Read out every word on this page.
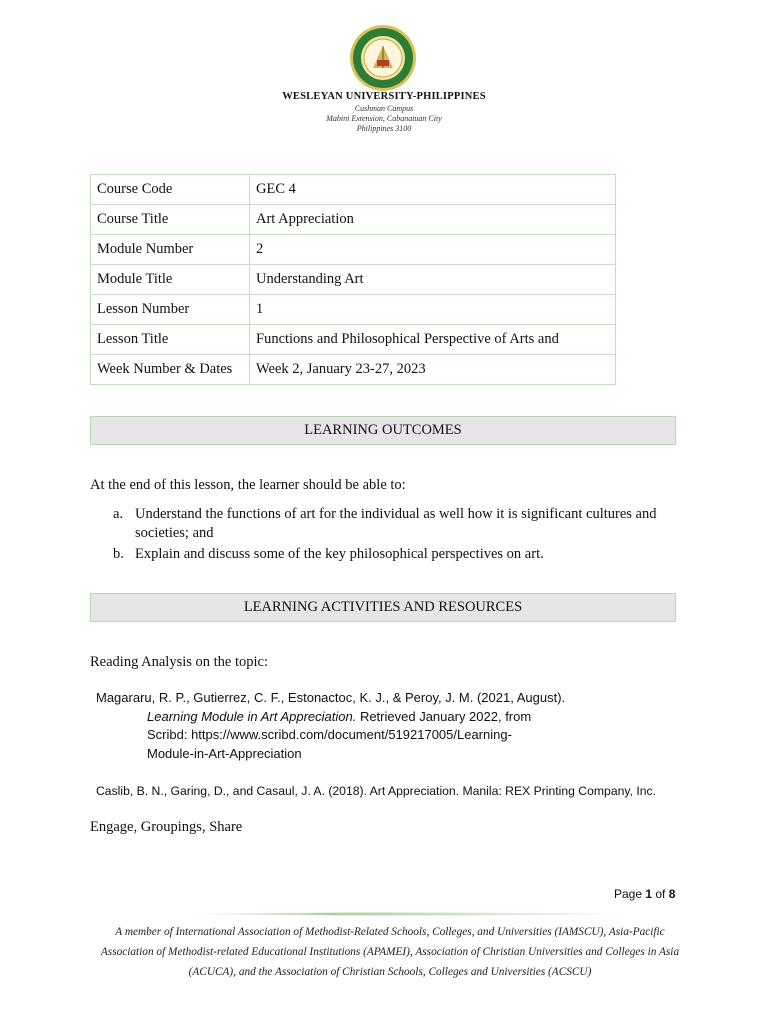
WESLEYAN UNIVERSITY-PHILIPPINES
Cushman Campus
Mabini Extension, Cabanatuan City
Philippines 3100
Course Code	GEC 4
Course Title	Art Appreciation
Module Number	2
Module Title	Understanding Art
Lesson Number	1
Lesson Title	Functions and Philosophical Perspective of Arts and
Week Number & Dates	Week 2, January 23-27, 2023
LEARNING OUTCOMES
At the end of this lesson, the learner should be able to:
a. Understand the functions of art for the individual as well how it is significant cultures and
societies; and
b. Explain and discuss some of the key philosophical perspectives on art.
LEARNING ACTIVITIES AND RESOURCES
Reading Analysis on the topic:
Magararu, R. P., Gutierrez, C. F., Estonactoc, K. J., & Peroy, J. M. (2021, August).
Learning Module in Art Appreciation. Retrieved January 2022, from
Scribd: https://www.scribd.com/document/519217005/Learning-
Module-in-Art-Appreciation
Caslib, B. N., Garing, D., and Casaul, J. A. (2018). Art Appreciation. Manila: REX Printing Company, Inc.
Engage, Groupings, Share
Page 1 of 8
A member of International Association of Methodist-Related Schools, Colleges, and Universities (IAMSCU), Asia-Pacific Association of Methodist-related Educational Institutions (APAMEI), Association of Christian Universities and Colleges in Asia (ACUCA), and the Association of Christian Schools, Colleges and Universities (ACSCU)
